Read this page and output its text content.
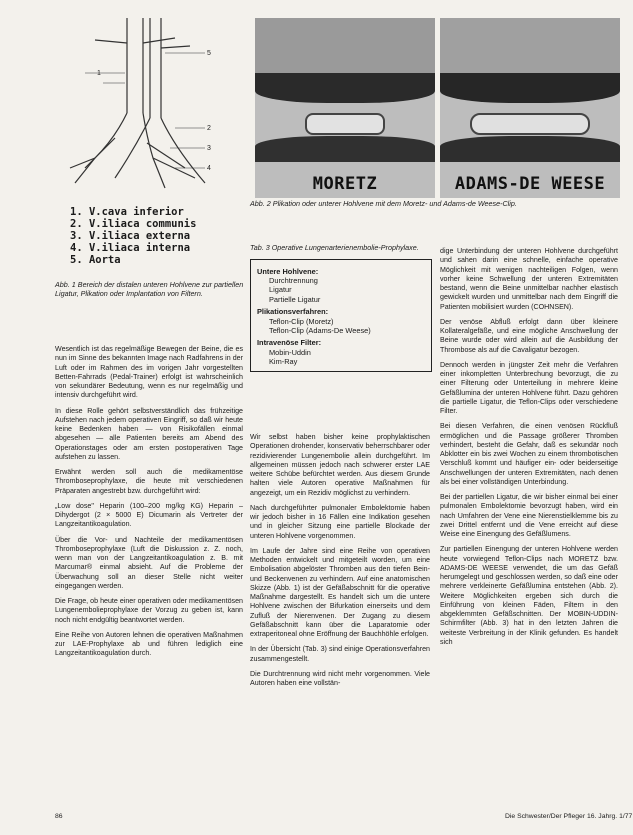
1
5
2
3
4
1. V.cava inferior
2. V.iliaca communis
3. V.iliaca externa
4. V.iliaca interna
5. Aorta
Abb. 1 Bereich der distalen unteren Hohlvene zur partiellen Ligatur, Plikation oder Implantation von Filtern.
MORETZ	ADAMS-DE WEESE
Abb. 2 Plikation oder unterer Hohlvene mit dem Moretz- und Adams-de Weese-Clip.
Tab. 3 Operative Lungenarterienembolie-Prophylaxe.
Untere Hohlvene:
Durchtrennung
Ligatur
Partielle Ligatur
Plikationsverfahren:
Teflon-Clip (Moretz)
Teflon-Clip (Adams-De Weese)
Intravenöse Filter:
Mobin-Uddin
Kim-Ray

Wesentlich ist das regelmäßige Bewegen der Beine, die es nun im Sinne des bekannten Image nach Radfahrens in der Luft oder im Rahmen des im vorigen Jahr vorgestellten Betten-Fahrrads (Pedal-Trainer) erfolgt ist wahrscheinlich von sekundärer Bedeutung, wenn es nur regelmäßig und intensiv durchgeführt wird.

In diese Rolle gehört selbstverständlich das frühzeitige Aufstehen nach jedem operativen Eingriff, so daß wir heute keine Bedenken haben — von Risikofällen einmal abgesehen — alle Patienten bereits am Abend des Operationstages oder am ersten postoperativen Tage aufstehen zu lassen.

Erwähnt werden soll auch die medikamentöse Thromboseprophylaxe, die heute mit verschiedenen Präparaten angestrebt bzw. durchgeführt wird:

„Low dose" Heparin (100–200 mg/kg KG) Heparin – Dihydergot (2 × 5000 E) Dicumarin als Vertreter der Langzeitantikoagulation.

Über die Vor- und Nachteile der medikamentösen Thromboseprophylaxe (Luft die Diskussion z. Z. noch, wenn man von der Langzeitantikoagulation z. B. mit Marcumar® einmal absieht. Auf die Probleme der Überwachung soll an dieser Stelle nicht weiter eingegangen werden.

Die Frage, ob heute einer operativen oder medikamentösen Lungenembolieprophylaxe der Vorzug zu geben ist, kann noch nicht endgültig beantwortet werden.

Eine Reihe von Autoren lehnen die operativen Maßnahmen zur LAE-Prophylaxe ab und führen lediglich eine Langzeitantikoagulation durch.

Wir selbst haben bisher keine prophylaktischen Operationen drohender, konservativ beherrschbarer oder rezidivierender Lungenembolie allein durchgeführt. Im allgemeinen müssen jedoch nach schwerer erster LAE weitere Schübe befürchtet werden. Aus diesem Grunde halten viele Autoren operative Maßnahmen für angezeigt, um ein Rezidiv möglichst zu verhindern.

Nach durchgeführter pulmonaler Embolektomie haben wir jedoch bisher in 16 Fällen eine Indikation gesehen und in gleicher Sitzung eine partielle Blockade der unteren Hohlvene vorgenommen.

Im Laufe der Jahre sind eine Reihe von operativen Methoden entwickelt und mitgeteilt worden, um eine Embolisation abgelöster Thromben aus den tiefen Bein- und Beckenvenen zu verhindern. Auf eine anatomischen Skizze (Abb. 1) ist der Gefäßabschnitt für die operative Maßnahme dargestellt. Es handelt sich um die untere Hohlvene zwischen der Bifurkation einerseits und dem Zufluß der Nierenvenen. Der Zugang zu diesem Gefäßabschnitt kann über die Laparatomie oder extraperitoneal ohne Eröffnung der Bauchhöhle erfolgen.

In der Übersicht (Tab. 3) sind einige Operationsverfahren zusammengestellt.

Die Durchtrennung wird nicht mehr vorgenommen. Viele Autoren haben eine vollstän-

dige Unterbindung der unteren Hohlvene durchgeführt und sahen darin eine schnelle, einfache operative Möglichkeit mit wenigen nachteiligen Folgen, wenn vorher keine Schwellung der unteren Extremitäten bestand, wenn die Beine unmittelbar nachher elastisch gewickelt wurden und unmittelbar nach dem Eingriff die Patienten mobilisiert wurden (COHNSEN).

Der venöse Abfluß erfolgt dann über kleinere Kollateralgefäße, und eine mögliche Anschwellung der Beine wurde oder wird allein auf die Ausbildung der Thrombose als auf die Cavaligatur bezogen.

Dennoch werden in jüngster Zeit mehr die Verfahren einer inkompletten Unterbrechung bevorzugt, die zu einer Filterung oder Unterteilung in mehrere kleine Gefäßlumina der unteren Hohlvene führt. Dazu gehören die partielle Ligatur, die Teflon-Clips oder verschiedene Filter.

Bei diesen Verfahren, die einen venösen Rückfluß ermöglichen und die Passage größerer Thromben verhindert, besteht die Gefahr, daß es sekundär noch Abklotter ein bis zwei Wochen zu einem thrombotischen Verschluß kommt und häufiger ein- oder beiderseitige Anschwellungen der unteren Extremitäten, nach denen als bei einer vollständigen Unterbindung.

Bei der partiellen Ligatur, die wir bisher einmal bei einer pulmonalen Embolektomie bevorzugt haben, wird ein nach Umfahren der Vene eine Nierenstielklemme bis zu zwei Drittel entfernt und die Vene erreicht auf diese Weise eine Einengung des Gefäßlumens.

Zur partiellen Einengung der unteren Hohlvene werden heute vorwiegend Teflon-Clips nach MORETZ bzw. ADAMS-DE WEESE verwendet, die um das Gefäß herumgelegt und geschlossen werden, so daß eine oder mehrere verkleinerte Gefäßlumina entstehen (Abb. 2). Weitere Möglichkeiten ergeben sich durch die Einführung von kleinen Fäden, Filtern in den abgeklemmten Gefäßschnitten. Der MOBIN-UDDIN-Schirmfilter (Abb. 3) hat in den letzten Jahren die weiteste Verbreitung in der Klinik gefunden. Es handelt sich

86	Die Schwester/Der Pfleger 16. Jahrg. 1/77
